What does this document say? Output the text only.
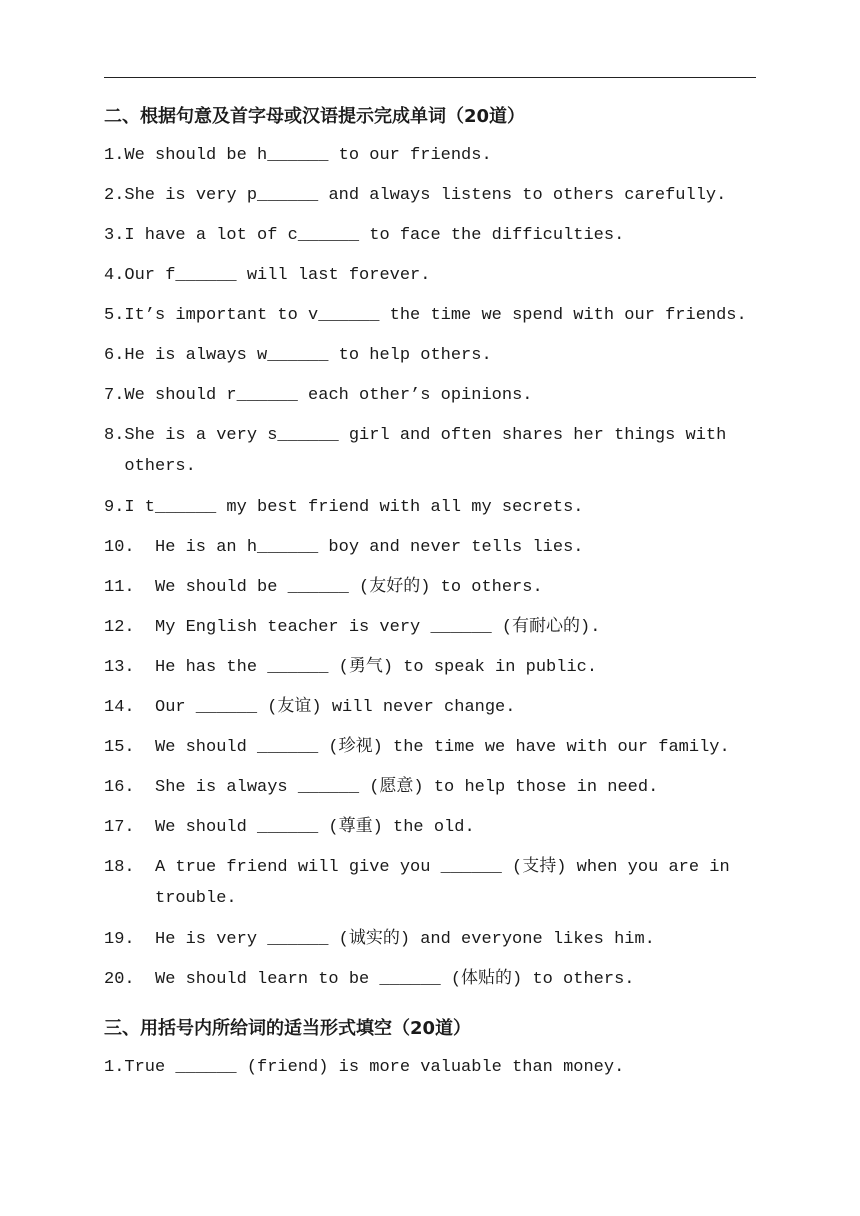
二、根据句意及首字母或汉语提示完成单词（20道）
1. We should be h______ to our friends.
2. She is very p______ and always listens to others carefully.
3. I have a lot of c______ to face the difficulties.
4. Our f______ will last forever.
5. It’s important to v______ the time we spend with our friends.
6. He is always w______ to help others.
7. We should r______ each other’s opinions.
8. She is a very s______ girl and often shares her things with others.
9. I t______ my best friend with all my secrets.
10.	He is an h______ boy and never tells lies.
11.	We should be ______ (友好的) to others.
12.	My English teacher is very ______ (有耐心的).
13.	He has the ______ (勇气) to speak in public.
14.	Our ______ (友谊) will never change.
15.	We should ______ (珍视) the time we have with our family.
16.	She is always ______ (愿意) to help those in need.
17.	We should ______ (尊重) the old.
18.	A true friend will give you ______ (支持) when you are in trouble.
19.	He is very ______ (诚实的) and everyone likes him.
20.	We should learn to be ______ (体贴的) to others.
三、用括号内所给词的适当形式填空（20道）
1. True ______ (friend) is more valuable than money.
